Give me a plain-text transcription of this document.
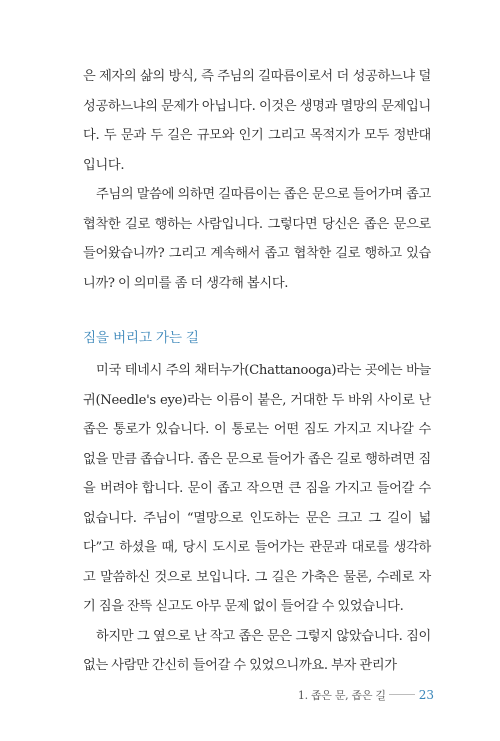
은 제자의 삶의 방식, 즉 주님의 길따름이로서 더 성공하느냐 덜 성공하느냐의 문제가 아닙니다. 이것은 생명과 멸망의 문제입니다. 두 문과 두 길은 규모와 인기 그리고 목적지가 모두 정반대입니다.

주님의 말씀에 의하면 길따름이는 좁은 문으로 들어가며 좁고 협착한 길로 행하는 사람입니다. 그렇다면 당신은 좁은 문으로 들어왔습니까? 그리고 계속해서 좁고 협착한 길로 행하고 있습니까? 이 의미를 좀 더 생각해 봅시다.

짐을 버리고 가는 길

미국 테네시 주의 채터누가(Chattanooga)라는 곳에는 바늘귀(Needle's eye)라는 이름이 붙은, 거대한 두 바위 사이로 난 좁은 통로가 있습니다. 이 통로는 어떤 짐도 가지고 지나갈 수 없을 만큼 좁습니다. 좁은 문으로 들어가 좁은 길로 행하려면 짐을 버려야 합니다. 문이 좁고 작으면 큰 짐을 가지고 들어갈 수 없습니다. 주님이 “멸망으로 인도하는 문은 크고 그 길이 넓다”고 하셨을 때, 당시 도시로 들어가는 관문과 대로를 생각하고 말씀하신 것으로 보입니다. 그 길은 가축은 물론, 수레로 자기 짐을 잔뜩 싣고도 아무 문제 없이 들어갈 수 있었습니다.

하지만 그 옆으로 난 작고 좁은 문은 그렇지 않았습니다. 짐이 없는 사람만 간신히 들어갈 수 있었으니까요. 부자 관리가

1. 좁은 문, 좁은 길	23
